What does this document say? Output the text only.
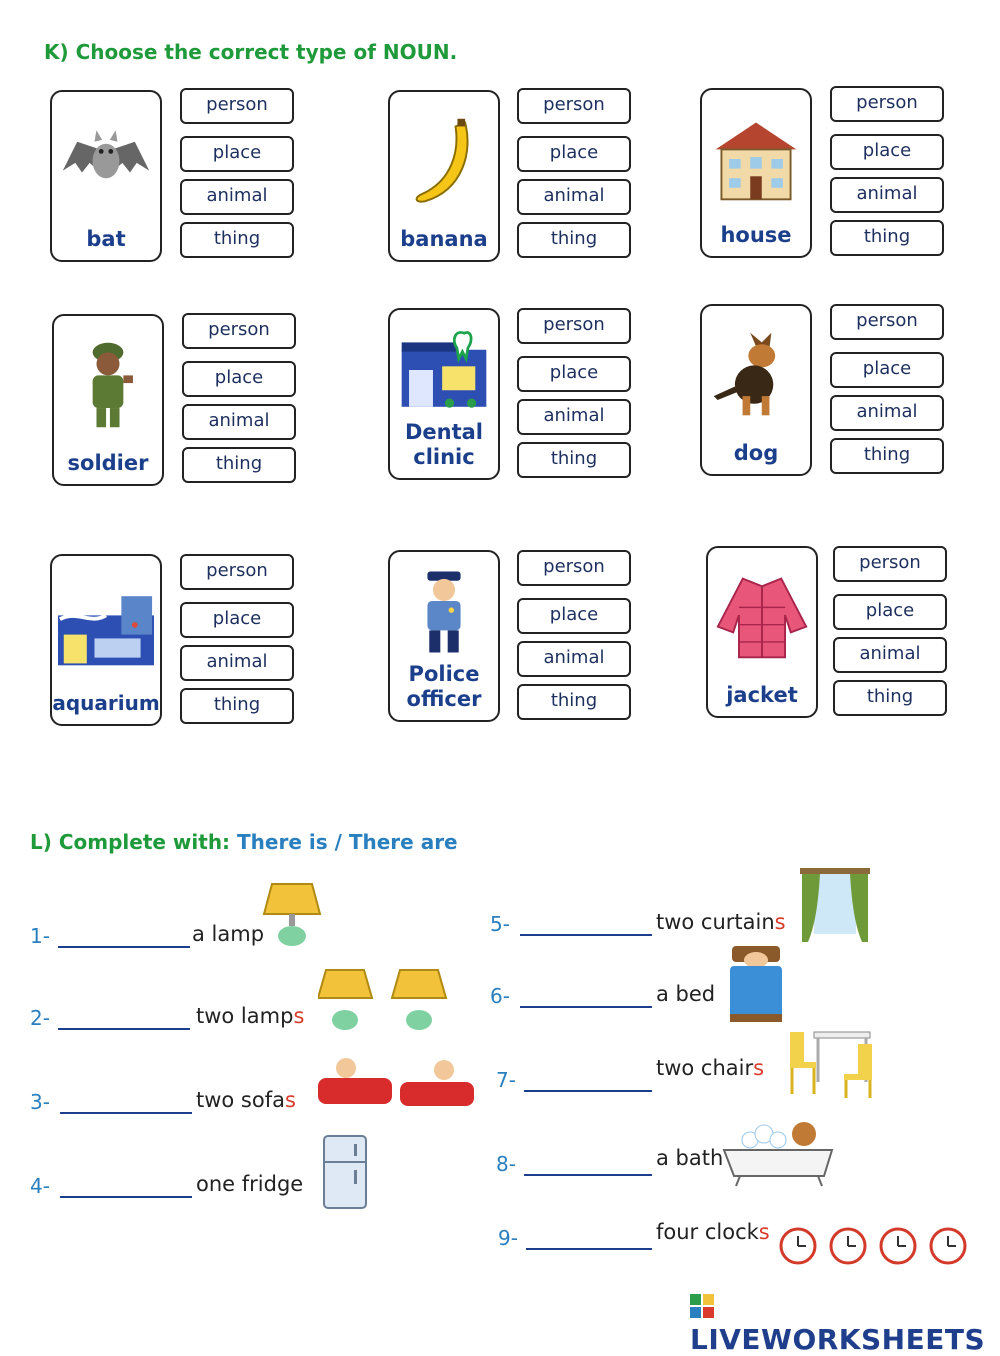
K) Choose the correct type of NOUN.
bat
person
place
animal
thing	banana
person
place
animal
thing	house
person
place
animal
thing
soldier
person
place
animal
thing
Dental
clinic
person
place
animal
thing	dog
person
place
animal
thing
aquarium
person
place
animal
thing
Police
officer
person
place
animal
thing	jacket
person
place
animal
thing
L) Complete with: There is / There are
1-	a lamp
2-	two lamps
3-	two sofas
4-	one fridge
5-	two curtains
6-	a bed
7-	two chairs
8-	a bath
9-	four clocks
LIVEWORKSHEETS
